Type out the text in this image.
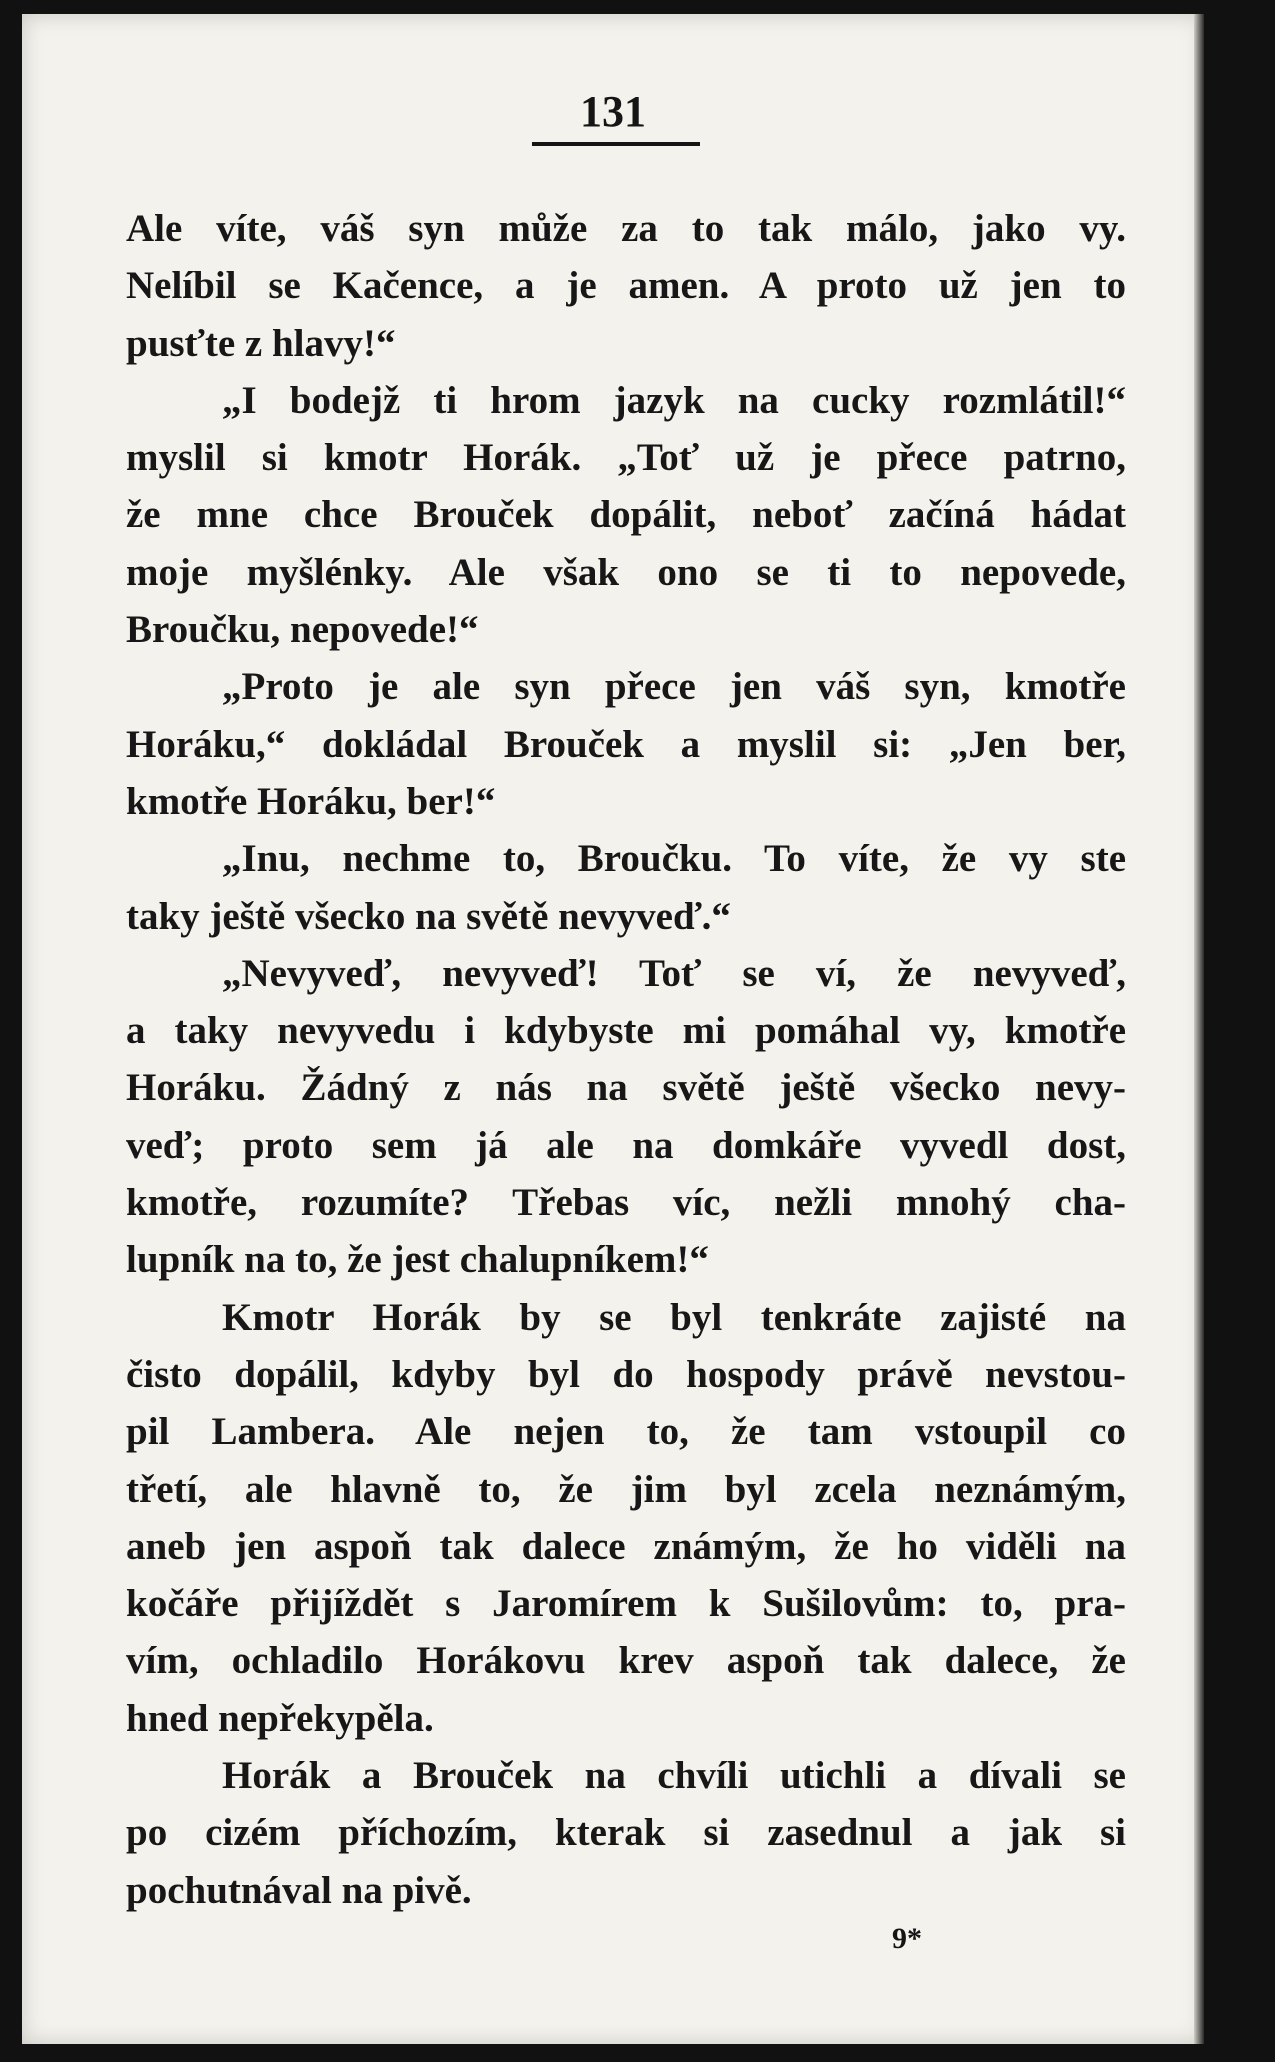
131
Ale víte, váš syn může za to tak málo, jako vy.
Nelíbil se Kačence, a je amen. A proto už jen to
pusťte z hlavy!“
„I bodejž ti hrom jazyk na cucky rozmlátil!“
myslil si kmotr Horák. „Toť už je přece patrno,
že mne chce Brouček dopálit, neboť začíná hádat
moje myšlénky. Ale však ono se ti to nepovede,
Broučku, nepovede!“
„Proto je ale syn přece jen váš syn, kmotře
Horáku,“ dokládal Brouček a myslil si: „Jen ber,
kmotře Horáku, ber!“
„Inu, nechme to, Broučku. To víte, že vy ste
taky ještě všecko na světě nevyveď.“
„Nevyveď, nevyveď! Toť se ví, že nevyveď,
a taky nevyvedu i kdybyste mi pomáhal vy, kmotře
Horáku. Žádný z nás na světě ještě všecko nevy-
veď; proto sem já ale na domkáře vyvedl dost,
kmotře, rozumíte? Třebas víc, nežli mnohý cha-
lupník na to, že jest chalupníkem!“
Kmotr Horák by se byl tenkráte zajisté na
čisto dopálil, kdyby byl do hospody právě nevstou-
pil Lambera. Ale nejen to, že tam vstoupil co
třetí, ale hlavně to, že jim byl zcela neznámým,
aneb jen aspoň tak dalece známým, že ho viděli na
kočáře přijíždět s Jaromírem k Sušilovům: to, pra-
vím, ochladilo Horákovu krev aspoň tak dalece, že
hned nepřekypěla.
Horák a Brouček na chvíli utichli a dívali se
po cizém příchozím, kterak si zasednul a jak si
pochutnával na pivě.
9*
